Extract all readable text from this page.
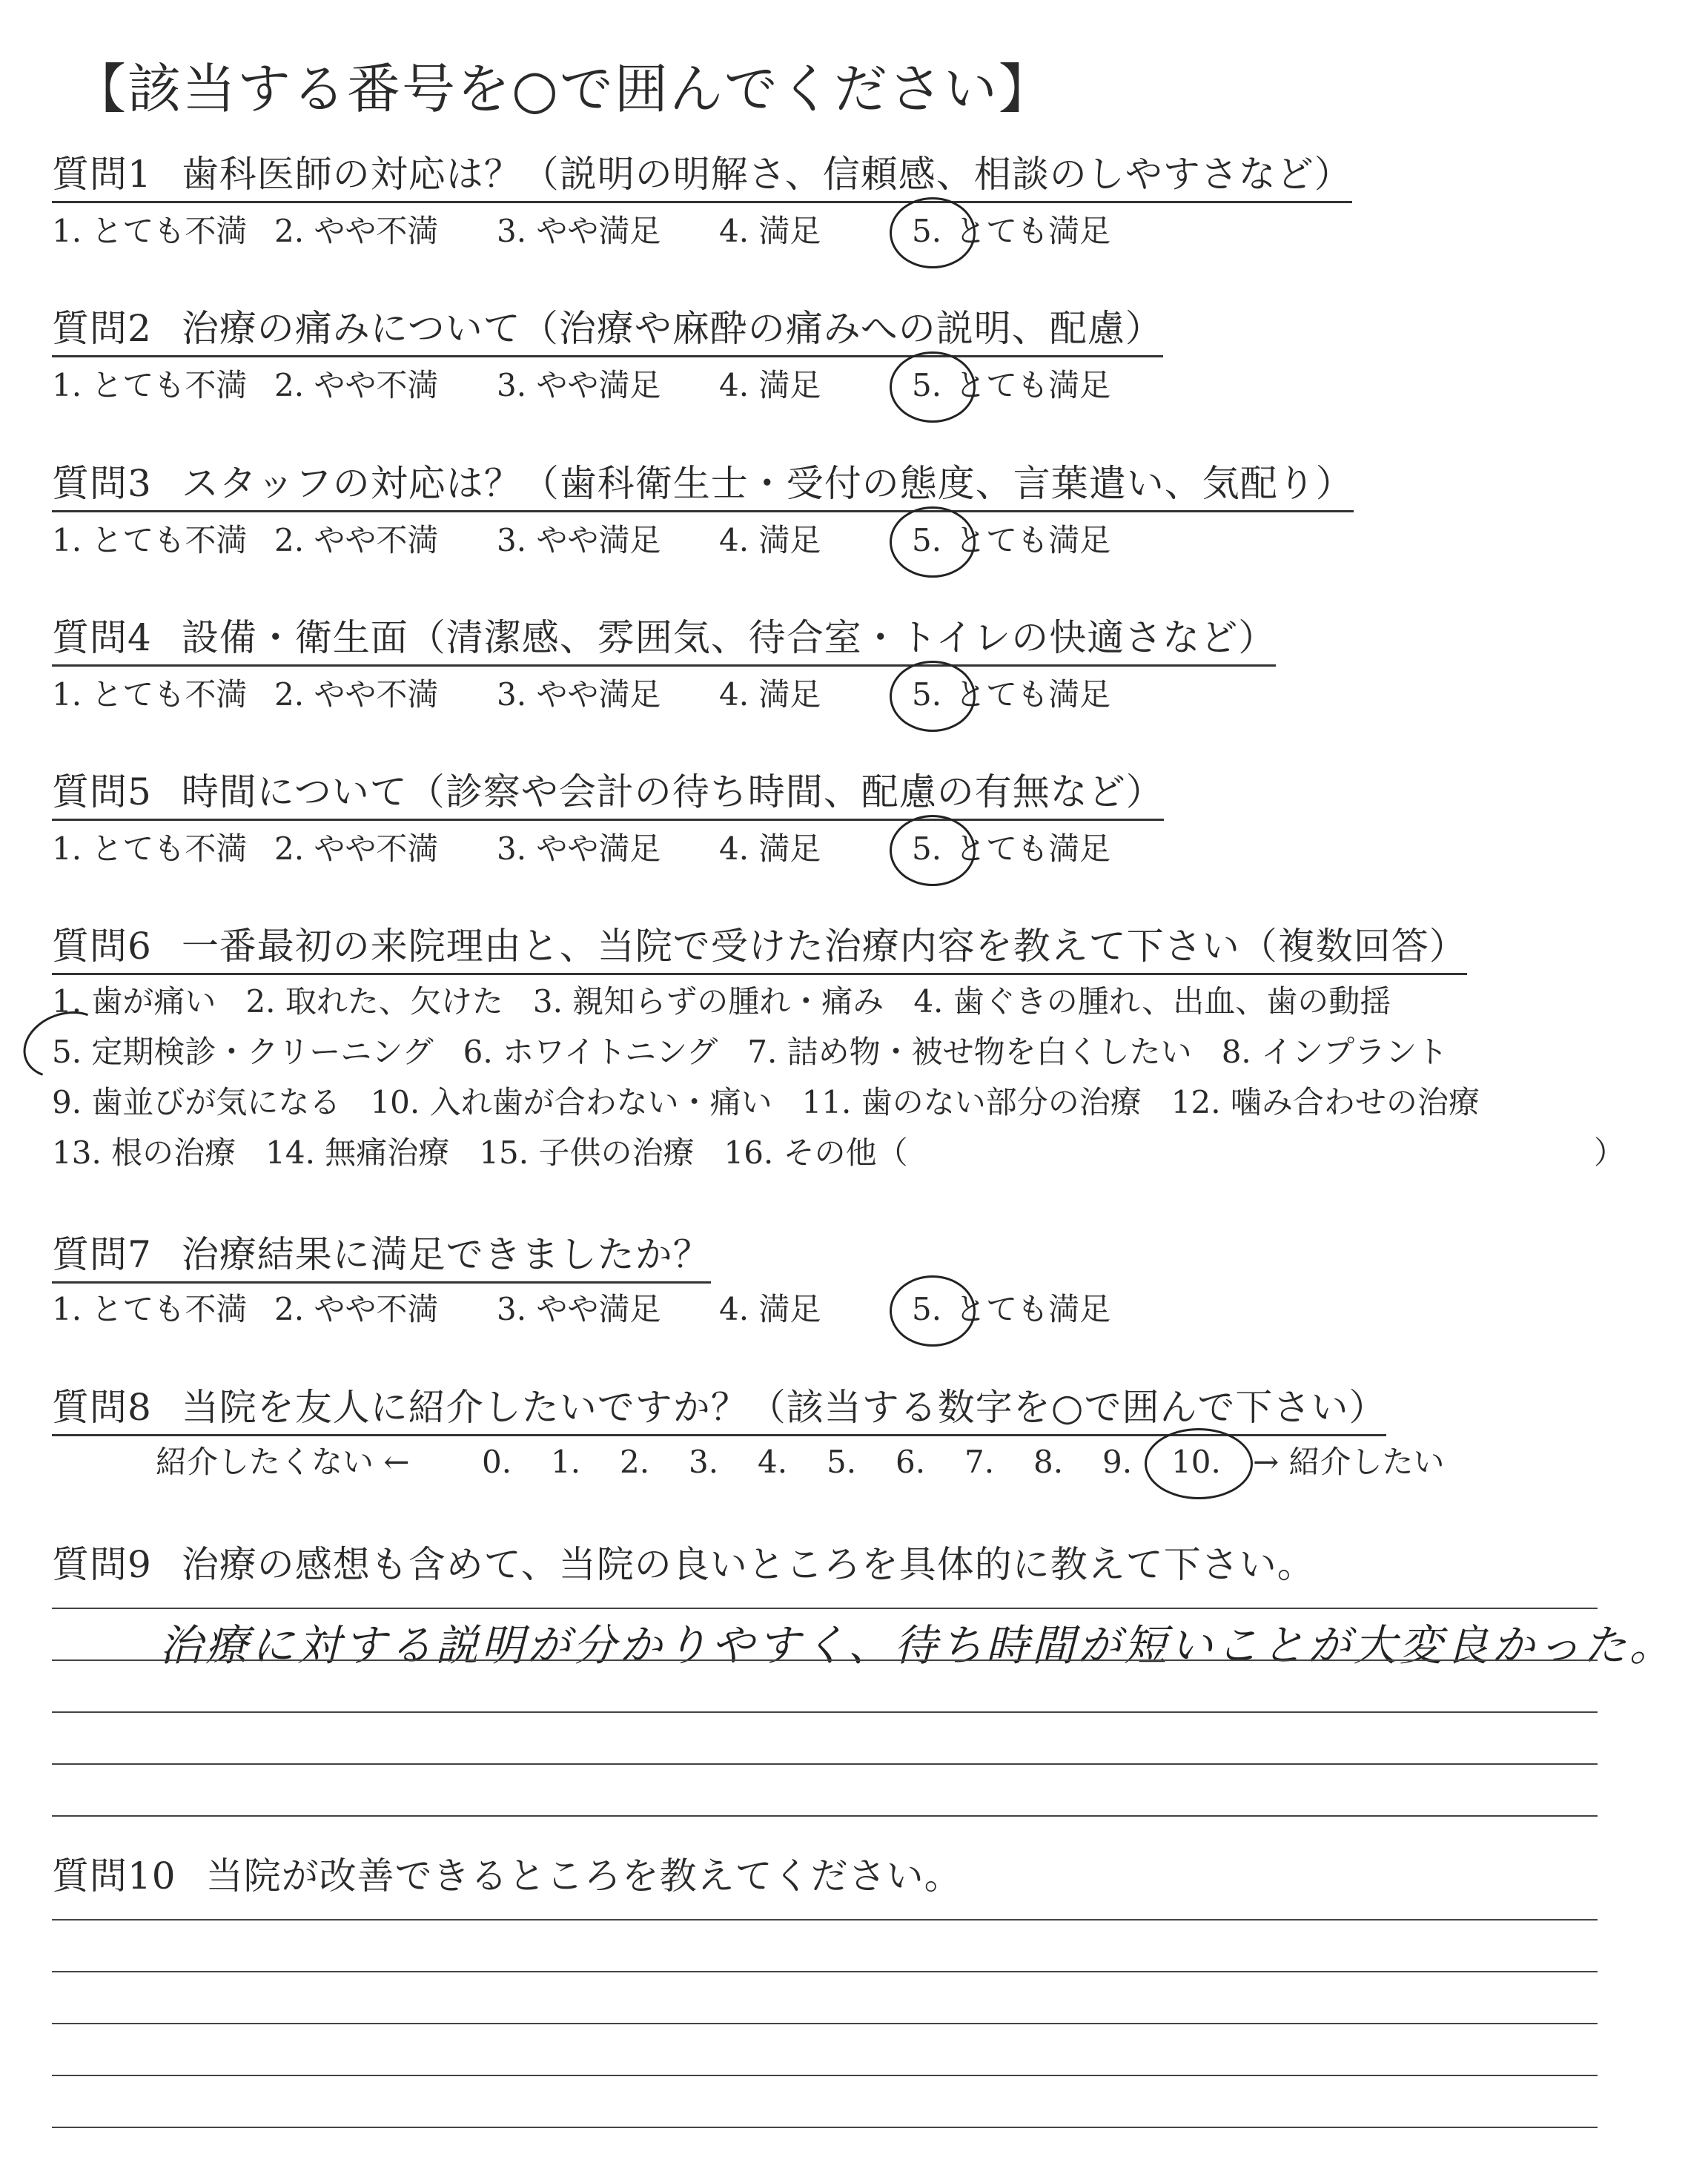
【該当する番号を○で囲んでください】
質問1 歯科医師の対応は？（説明の明解さ、信頼感、相談のしやすさなど）
1. とても不満 2. やや不満 3. やや満足 4. 満足	5. とても満足
質問2 治療の痛みについて（治療や麻酔の痛みへの説明、配慮）
1. とても不満 2. やや不満 3. やや満足 4. 満足	5. とても満足
質問3 スタッフの対応は？（歯科衛生士・受付の態度、言葉遣い、気配り）
1. とても不満 2. やや不満 3. やや満足 4. 満足	5. とても満足
質問4 設備・衛生面（清潔感、雰囲気、待合室・トイレの快適さなど）
1. とても不満 2. やや不満 3. やや満足 4. 満足	5. とても満足
質問5 時間について（診察や会計の待ち時間、配慮の有無など）
1. とても不満 2. やや不満 3. やや満足 4. 満足	5. とても満足
質問6 一番最初の来院理由と、当院で受けた治療内容を教えて下さい（複数回答）
1. 歯が痛い 2. 取れた、欠けた 3. 親知らずの腫れ・痛み 4. 歯ぐきの腫れ、出血、歯の動揺
5. 定期検診・クリーニング 6. ホワイトニング 7. 詰め物・被せ物を白くしたい 8. インプラント
9. 歯並びが気になる 10. 入れ歯が合わない・痛い 11. 歯のない部分の治療 12. 噛み合わせの治療
13. 根の治療 14. 無痛治療 15. 子供の治療 16. その他（	）
質問7 治療結果に満足できましたか？
1. とても不満 2. やや不満 3. やや満足 4. 満足	5. とても満足
質問8 当院を友人に紹介したいですか？（該当する数字を○で囲んで下さい）
紹介したくない ← 0. 1. 2. 3. 4. 5. 6. 7. 8. 9. 10.	→ 紹介したい
質問9 治療の感想も含めて、当院の良いところを具体的に教えて下さい。
治療に対する説明が分かりやすく、待ち時間が短いことが大変良かった。
質問10 当院が改善できるところを教えてください。
